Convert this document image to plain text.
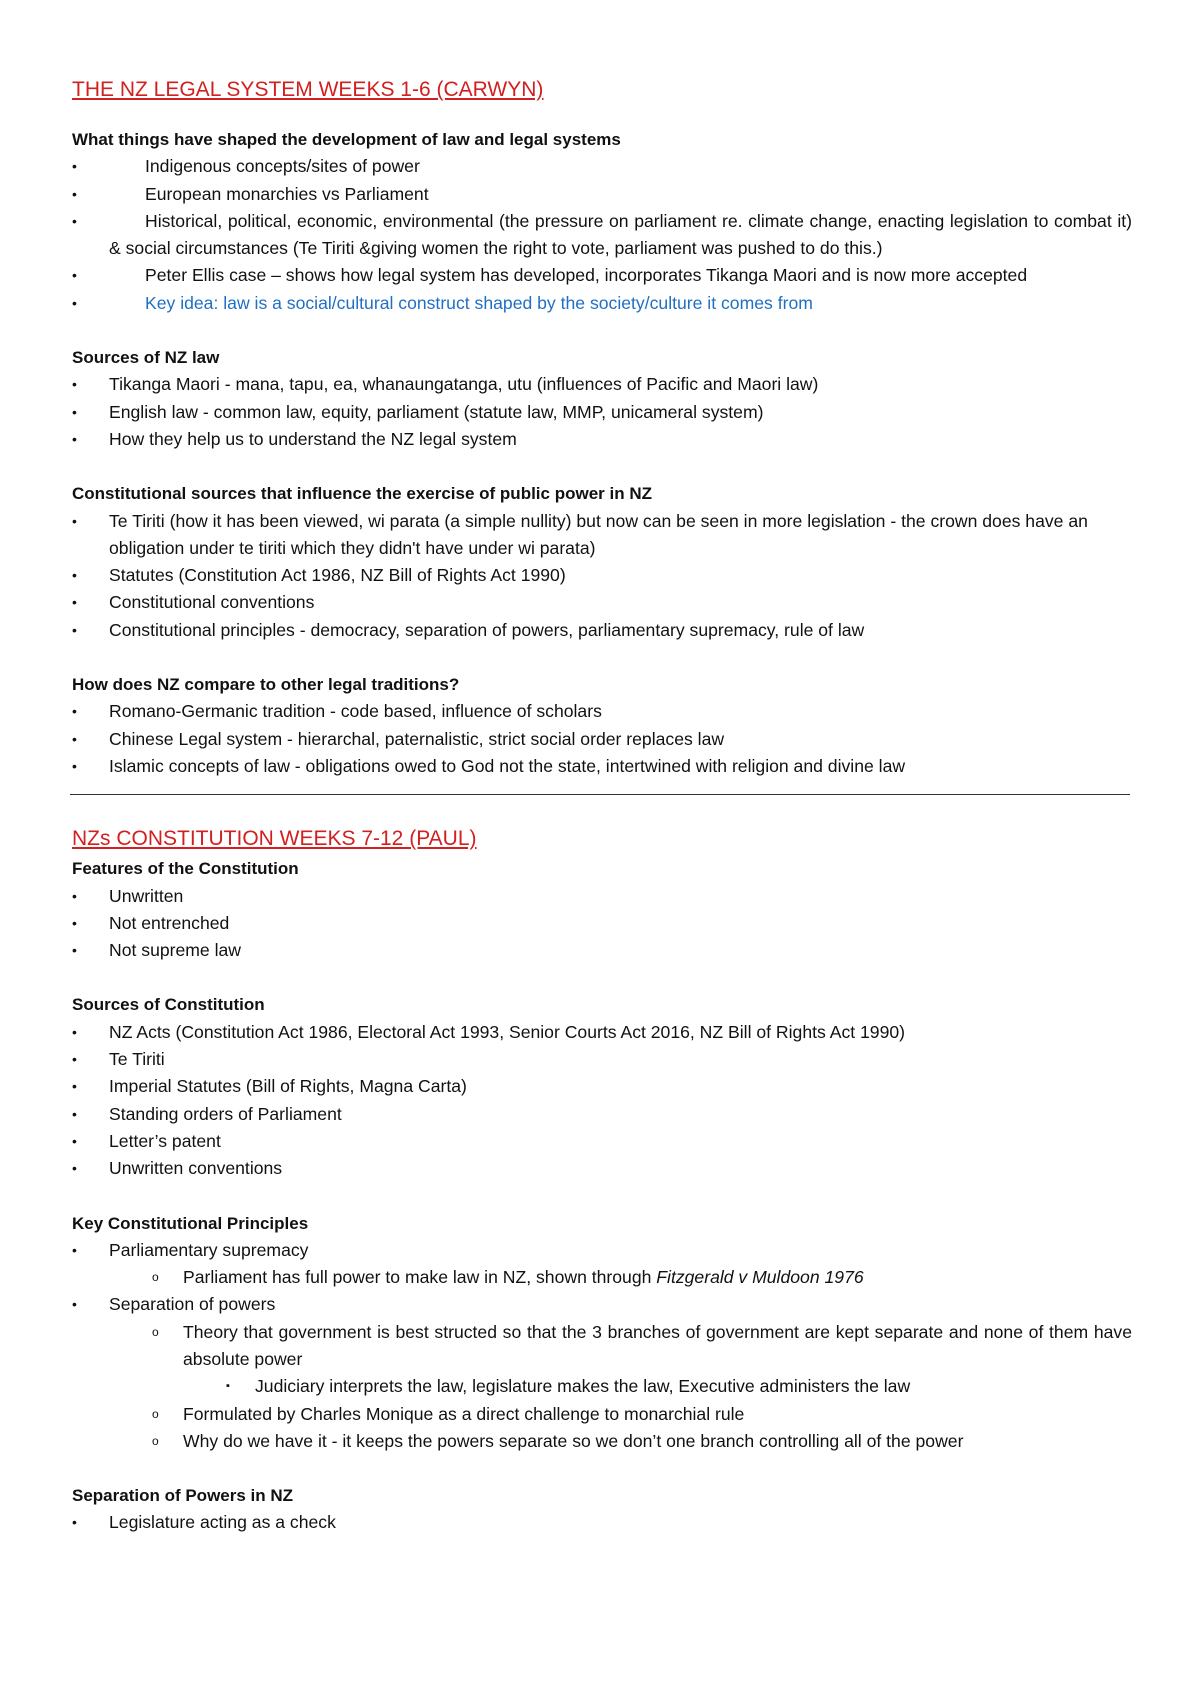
THE NZ LEGAL SYSTEM WEEKS 1-6 (CARWYN)

What things have shaped the development of law and legal systems

•	Indigenous concepts/sites of power
•	European monarchies vs Parliament
•	Historical, political, economic, environmental (the pressure on parliament re. climate change, enacting legislation to combat it) & social circumstances (Te Tiriti &giving women the right to vote, parliament was pushed to do this.)
•	Peter Ellis case – shows how legal system has developed, incorporates Tikanga Maori and is now more accepted
•	Key idea: law is a social/cultural construct shaped by the society/culture it comes from

Sources of NZ law

•	Tikanga Maori - mana, tapu, ea, whanaungatanga, utu (influences of Pacific and Maori law)
•	English law - common law, equity, parliament (statute law, MMP, unicameral system)
•	How they help us to understand the NZ legal system

Constitutional sources that influence the exercise of public power in NZ

•	Te Tiriti (how it has been viewed, wi parata (a simple nullity) but now can be seen in more legislation - the crown does have an obligation under te tiriti which they didn't have under wi parata)
•	Statutes (Constitution Act 1986, NZ Bill of Rights Act 1990)
•	Constitutional conventions
•	Constitutional principles - democracy, separation of powers, parliamentary supremacy, rule of law

How does NZ compare to other legal traditions?

•	Romano-Germanic tradition - code based, influence of scholars
•	Chinese Legal system - hierarchal, paternalistic, strict social order replaces law
•	Islamic concepts of law - obligations owed to God not the state, intertwined with religion and divine law
NZs CONSTITUTION WEEKS 7-12 (PAUL)

Features of the Constitution

•	Unwritten
•	Not entrenched
•	Not supreme law

Sources of Constitution

•	NZ Acts (Constitution Act 1986, Electoral Act 1993, Senior Courts Act 2016, NZ Bill of Rights Act 1990)
•	Te Tiriti
•	Imperial Statutes (Bill of Rights, Magna Carta)
•	Standing orders of Parliament
•	Letter’s patent
•	Unwritten conventions

Key Constitutional Principles

•	Parliamentary supremacy
o Parliament has full power to make law in NZ, shown through Fitzgerald v Muldoon 1976
•	Separation of powers
o Theory that government is best structed so that the 3 branches of government are kept separate and none of them have absolute power
▪ Judiciary interprets the law, legislature makes the law, Executive administers the law
o Formulated by Charles Monique as a direct challenge to monarchial rule
o Why do we have it - it keeps the powers separate so we don’t one branch controlling all of the power

Separation of Powers in NZ

•	Legislature acting as a check
